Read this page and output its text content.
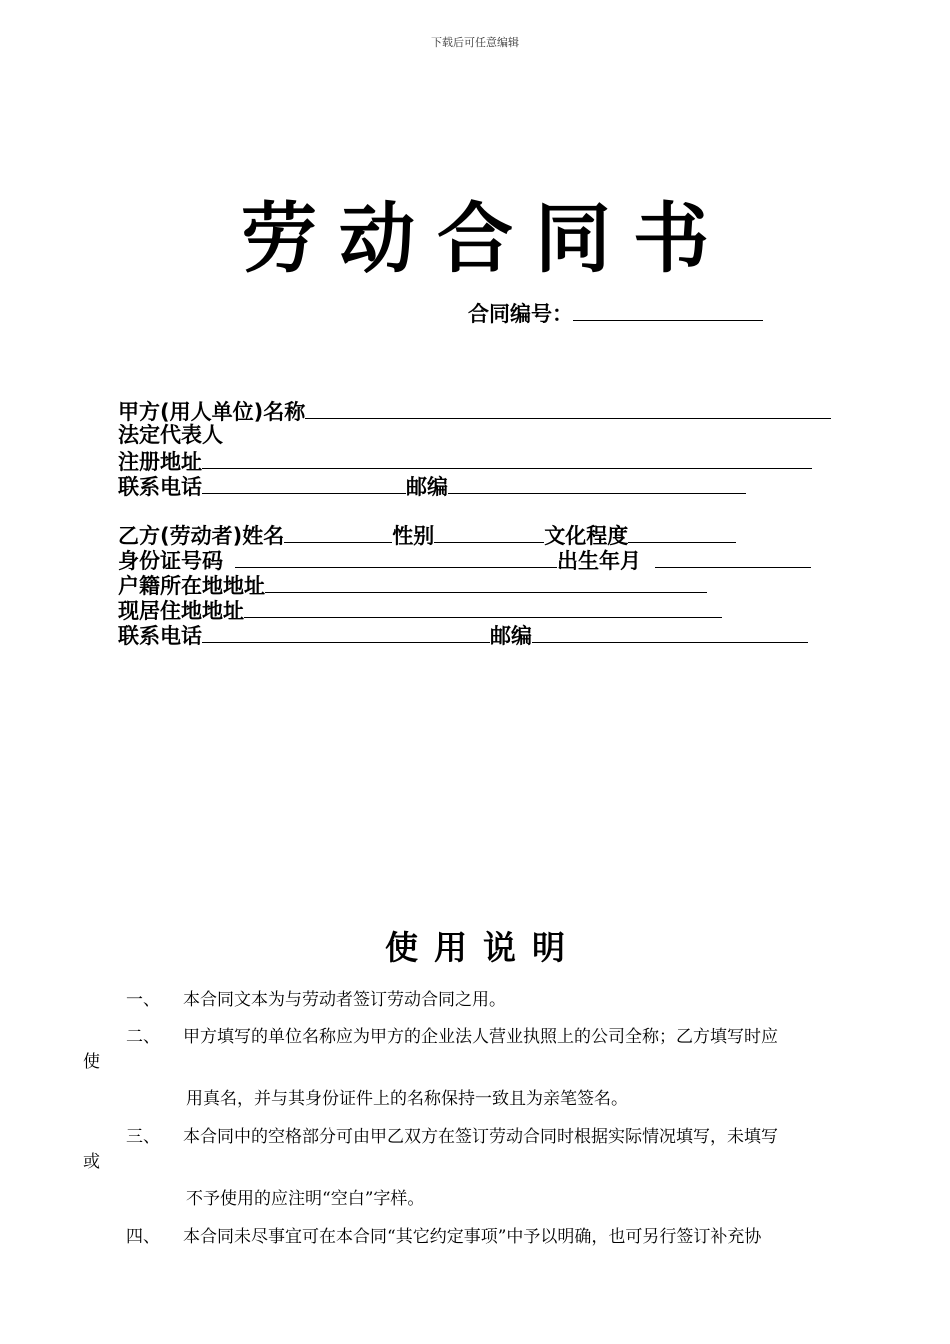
下载后可任意编辑
劳动合同书
合同编号：
甲方(用人单位)名称
法定代表人
注册地址
联系电话	邮编
乙方(劳动者)姓名	性别	文化程度
身份证号码	出生年月
户籍所在地地址
现居住地地址
联系电话	邮编
使用说明
一、 本合同文本为与劳动者签订劳动合同之用。
二、 甲方填写的单位名称应为甲方的企业法人营业执照上的公司全称；乙方填写时应
使
用真名，并与其身份证件上的名称保持一致且为亲笔签名。
三、 本合同中的空格部分可由甲乙双方在签订劳动合同时根据实际情况填写，未填写
或
不予使用的应注明“空白”字样。
四、 本合同未尽事宜可在本合同“其它约定事项”中予以明确，也可另行签订补充协
